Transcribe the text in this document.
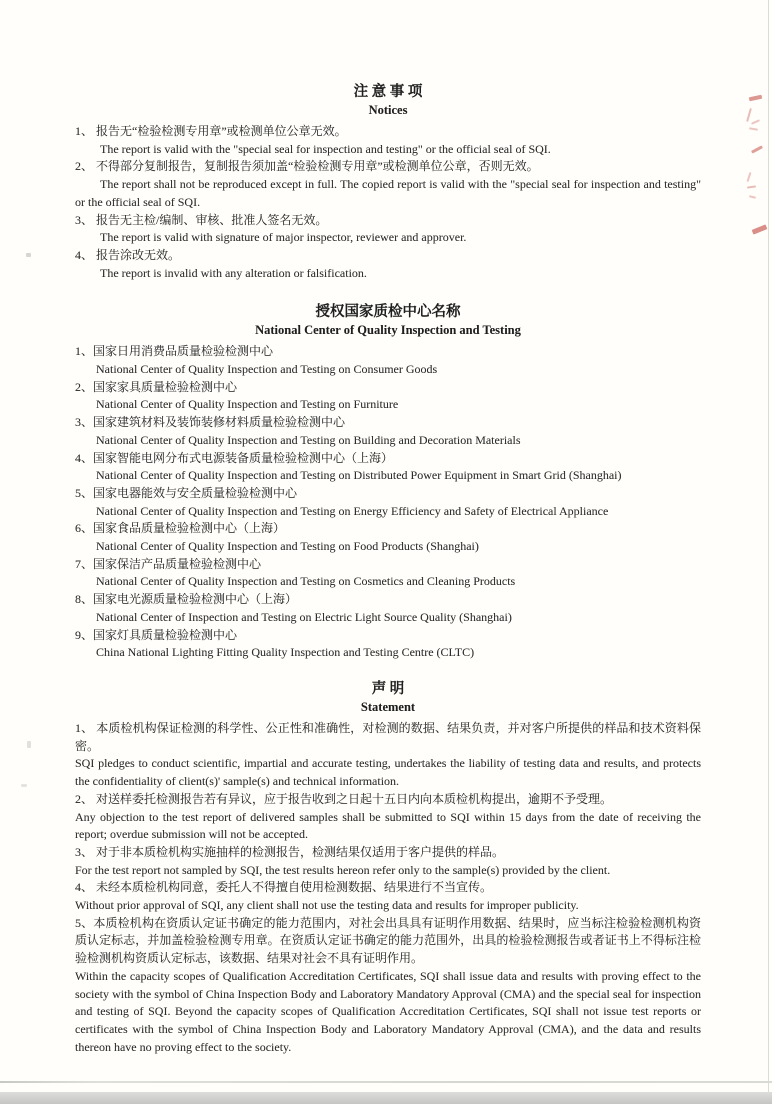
注 意 事 项
Notices

1、 报告无“检验检测专用章”或检测单位公章无效。

The report is valid with the "special seal for inspection and testing" or the official seal of SQI.

2、 不得部分复制报告，复制报告须加盖“检验检测专用章”或检测单位公章，否则无效。

The report shall not be reproduced except in full. The copied report is valid with the "special seal for inspection and testing" or the official seal of SQI.

3、 报告无主检/编制、审核、批准人签名无效。

The report is valid with signature of major inspector, reviewer and approver.

4、 报告涂改无效。

The report is invalid with any alteration or falsification.

授权国家质检中心名称
National Center of Quality Inspection and Testing

1、国家日用消费品质量检验检测中心

National Center of Quality Inspection and Testing on Consumer Goods

2、国家家具质量检验检测中心

National Center of Quality Inspection and Testing on Furniture

3、国家建筑材料及装饰装修材料质量检验检测中心

National Center of Quality Inspection and Testing on Building and Decoration Materials

4、国家智能电网分布式电源装备质量检验检测中心（上海）

National Center of Quality Inspection and Testing on Distributed Power Equipment in Smart Grid (Shanghai)

5、国家电器能效与安全质量检验检测中心

National Center of Quality Inspection and Testing on Energy Efficiency and Safety of Electrical Appliance

6、国家食品质量检验检测中心（上海）

National Center of Quality Inspection and Testing on Food Products (Shanghai)

7、国家保洁产品质量检验检测中心

National Center of Quality Inspection and Testing on Cosmetics and Cleaning Products

8、国家电光源质量检验检测中心（上海）

National Center of Inspection and Testing on Electric Light Source Quality (Shanghai)

9、国家灯具质量检验检测中心

China National Lighting Fitting Quality Inspection and Testing Centre (CLTC)

声 明
Statement

1、 本质检机构保证检测的科学性、公正性和准确性，对检测的数据、结果负责，并对客户所提供的样品和技术资料保密。

SQI pledges to conduct scientific, impartial and accurate testing, undertakes the liability of testing data and results, and protects the confidentiality of client(s)' sample(s) and technical information.

2、 对送样委托检测报告若有异议，应于报告收到之日起十五日内向本质检机构提出，逾期不予受理。

Any objection to the test report of delivered samples shall be submitted to SQI within 15 days from the date of receiving the report; overdue submission will not be accepted.

3、 对于非本质检机构实施抽样的检测报告，检测结果仅适用于客户提供的样品。

For the test report not sampled by SQI, the test results hereon refer only to the sample(s) provided by the client.

4、 未经本质检机构同意，委托人不得擅自使用检测数据、结果进行不当宣传。

Without prior approval of SQI, any client shall not use the testing data and results for improper publicity.

5、本质检机构在资质认定证书确定的能力范围内，对社会出具具有证明作用数据、结果时，应当标注检验检测机构资质认定标志，并加盖检验检测专用章。在资质认定证书确定的能力范围外，出具的检验检测报告或者证书上不得标注检验检测机构资质认定标志，该数据、结果对社会不具有证明作用。

Within the capacity scopes of Qualification Accreditation Certificates, SQI shall issue data and results with proving effect to the society with the symbol of China Inspection Body and Laboratory Mandatory Approval (CMA) and the special seal for inspection and testing of SQI. Beyond the capacity scopes of Qualification Accreditation Certificates, SQI shall not issue test reports or certificates with the symbol of China Inspection Body and Laboratory Mandatory Approval (CMA), and the data and results thereon have no proving effect to the society.
